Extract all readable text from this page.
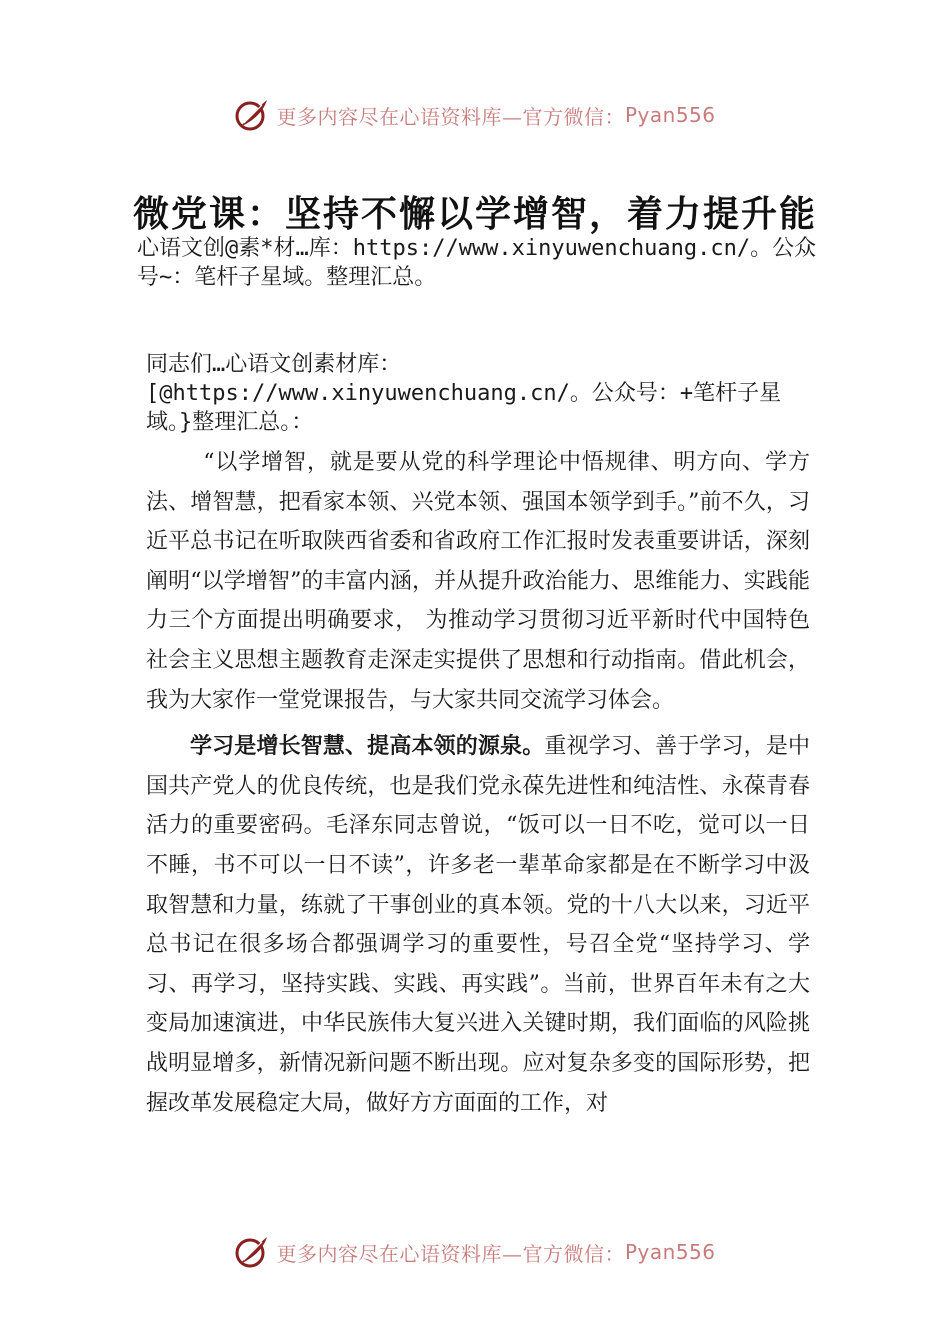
更多内容尽在心语资料库—官方微信： Pyan556
微党课：坚持不懈以学增智，着力提升能
心语文创@素*材…库：https://www.xinyuwenchuang.cn/。公众号~：笔杆子星域。整理汇总。

同志们…心语文创素材库：[@https://www.xinyuwenchuang.cn/。公众号：+笔杆子星域。}整理汇总。：

“以学增智，就是要从党的科学理论中悟规律、明方向、学方法、增智慧，把看家本领、兴党本领、强国本领学到手。”前不久，习近平总书记在听取陕西省委和省政府工作汇报时发表重要讲话，深刻阐明“以学增智”的丰富内涵，并从提升政治能力、思维能力、实践能力三个方面提出明确要求， 为推动学习贯彻习近平新时代中国特色社会主义思想主题教育走深走实提供了思想和行动指南。借此机会，我为大家作一堂党课报告，与大家共同交流学习体会。

学习是增长智慧、提高本领的源泉。重视学习、善于学习，是中国共产党人的优良传统，也是我们党永葆先进性和纯洁性、永葆青春活力的重要密码。毛泽东同志曾说，“饭可以一日不吃，觉可以一日不睡，书不可以一日不读”，许多老一辈革命家都是在不断学习中汲取智慧和力量，练就了干事创业的真本领。党的十八大以来，习近平总书记在很多场合都强调学习的重要性，号召全党“坚持学习、学习、再学习，坚持实践、实践、再实践”。当前，世界百年未有之大变局加速演进，中华民族伟大复兴进入关键时期，我们面临的风险挑战明显增多，新情况新问题不断出现。应对复杂多变的国际形势，把握改革发展稳定大局，做好方方面面的工作，对

更多内容尽在心语资料库—官方微信： Pyan556
